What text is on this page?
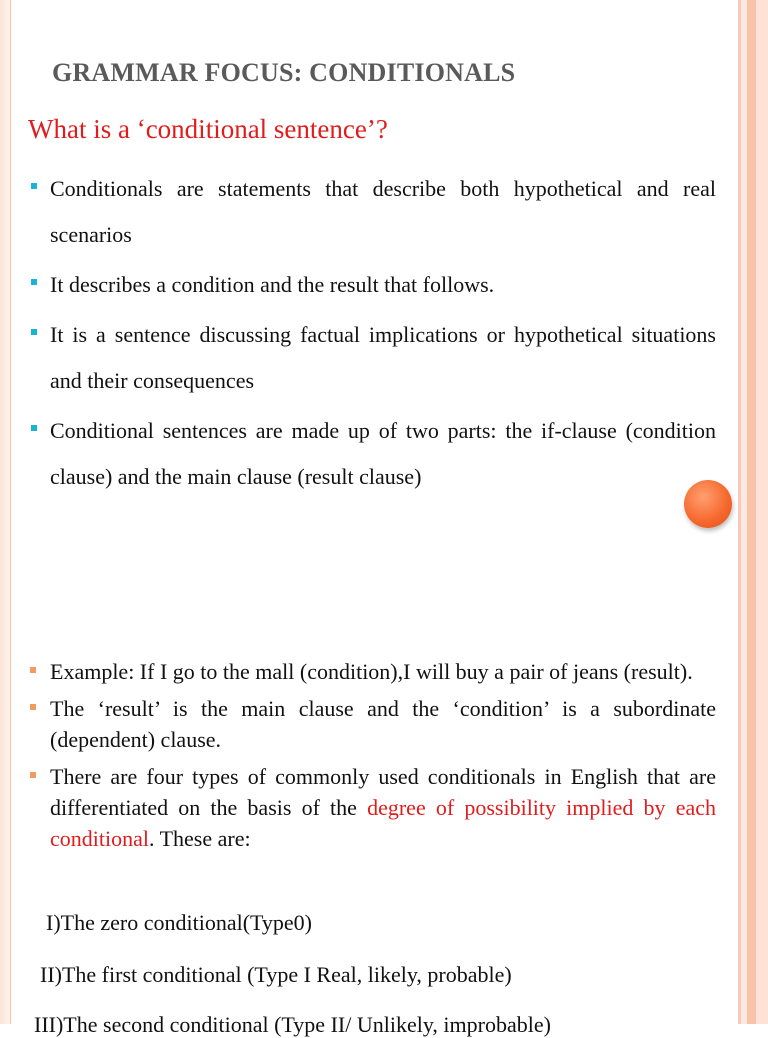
GRAMMAR FOCUS: CONDITIONALS
What is a ‘conditional sentence’?
Conditionals are statements that describe both hypothetical and real scenarios
It describes a condition and the result that follows.
It is a sentence discussing factual implications or hypothetical situations and their consequences
Conditional sentences are made up of two parts: the if-clause (condition clause) and the main clause (result clause)
Example: If I go to the mall (condition),I will buy a pair of jeans (result).
The ‘result’ is the main clause and the ‘condition’ is a subordinate (dependent) clause.
There are four types of commonly used conditionals in English that are differentiated on the basis of the degree of possibility implied by each conditional. These are:
I)The zero conditional(Type0)
II)The first conditional (Type I Real, likely, probable)
III)The second conditional (Type II/ Unlikely, improbable)
